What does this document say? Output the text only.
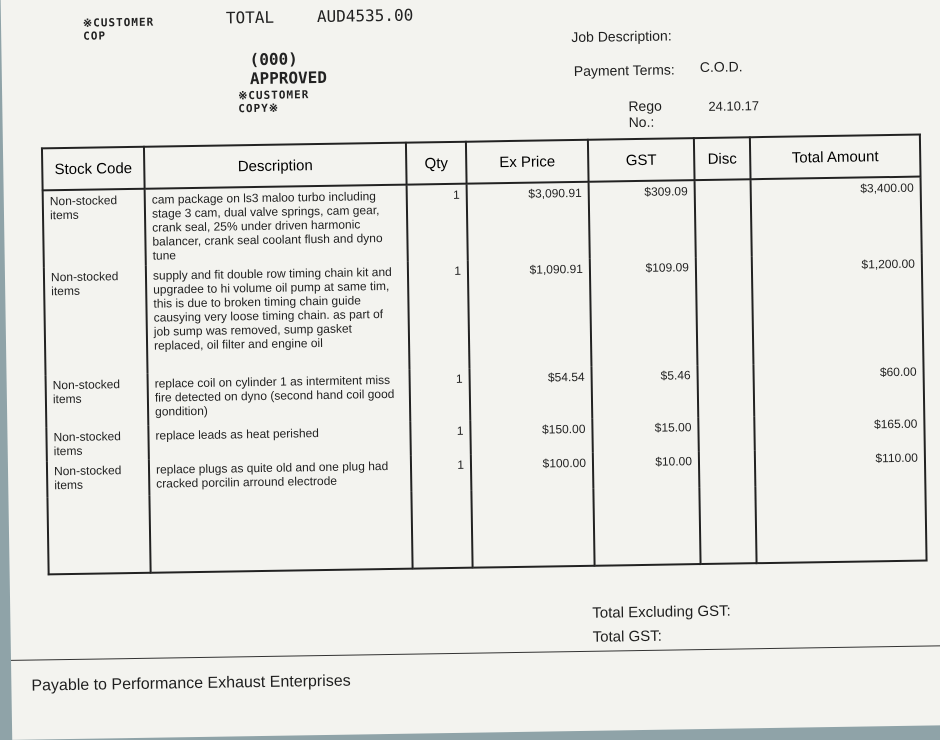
※CUSTOMER COP
TOTAL	AUD4535.00
(000) APPROVED
※CUSTOMER COPY※
Job Description:
Payment Terms: C.O.D.
Rego No.:
24.10.17
Stock Code	Description	Qty	Ex Price	GST	Disc	Total Amount
Non-stocked items	cam package on ls3 maloo turbo including stage 3 cam, dual valve springs, cam gear, crank seal, 25% under driven harmonic balancer, crank seal coolant flush and dyno tune	1	$3,090.91	$309.09		$3,400.00
Non-stocked items	supply and fit double row timing chain kit and upgradee to hi volume oil pump at same tim, this is due to broken timing chain guide causying very loose timing chain. as part of job sump was removed, sump gasket replaced, oil filter and engine oil	1	$1,090.91	$109.09		$1,200.00
Non-stocked items	replace coil on cylinder 1 as intermitent miss fire detected on dyno (second hand coil good gondition)	1	$54.54	$5.46		$60.00
Non-stocked items	replace leads as heat perished	1	$150.00	$15.00		$165.00
Non-stocked items	replace plugs as quite old and one plug had cracked porcilin arround electrode	1	$100.00	$10.00		$110.00

Total Excluding GST:
Total GST:
Payable to Performance Exhaust Enterprises
